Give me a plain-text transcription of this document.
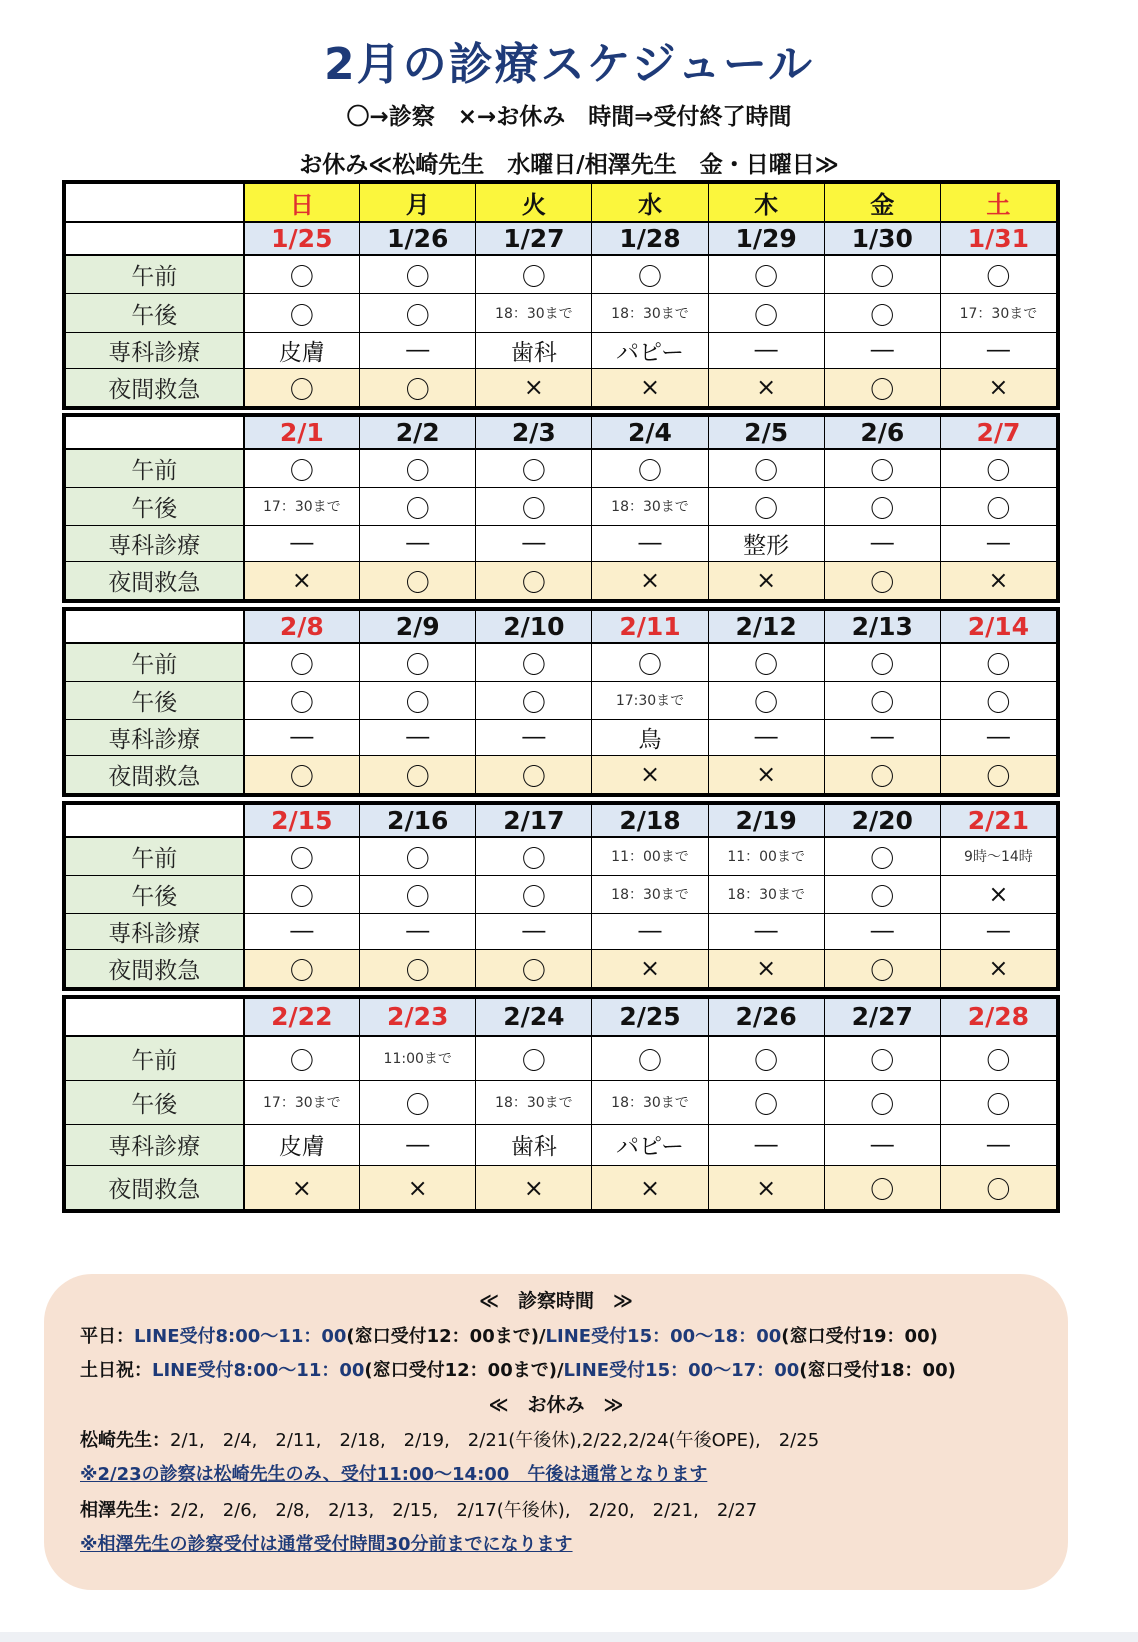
2月の診療スケジュール
〇→診察　×→お休み　時間⇒受付終了時間
お休み≪松崎先生　水曜日/相澤先生　金・日曜日≫
	日	月	火	水	木	金	土
	1/25	1/26	1/27	1/28	1/29	1/30	1/31
午前	〇	〇	〇	〇	〇	〇	〇
午後	〇	〇	18：30まで	18：30まで	〇	〇	17：30まで
専科診療	皮膚	―	歯科	パピー	―	―	―
夜間救急	〇	〇	×	×	×	〇	×
	2/1	2/2	2/3	2/4	2/5	2/6	2/7
午前	〇	〇	〇	〇	〇	〇	〇
午後	17：30まで	〇	〇	18：30まで	〇	〇	〇
専科診療	―	―	―	―	整形	―	―
夜間救急	×	〇	〇	×	×	〇	×
	2/8	2/9	2/10	2/11	2/12	2/13	2/14
午前	〇	〇	〇	〇	〇	〇	〇
午後	〇	〇	〇	17:30まで	〇	〇	〇
専科診療	―	―	―	鳥	―	―	―
夜間救急	〇	〇	〇	×	×	〇	〇
	2/15	2/16	2/17	2/18	2/19	2/20	2/21
午前	〇	〇	〇	11：00まで	11：00まで	〇	9時～14時
午後	〇	〇	〇	18：30まで	18：30まで	〇	×
専科診療	―	―	―	―	―	―	―
夜間救急	〇	〇	〇	×	×	〇	×
	2/22	2/23	2/24	2/25	2/26	2/27	2/28
午前	〇	11:00まで	〇	〇	〇	〇	〇
午後	17：30まで	〇	18：30まで	18：30まで	〇	〇	〇
専科診療	皮膚	―	歯科	パピー	―	―	―
夜間救急	×	×	×	×	×	〇	〇
≪　診察時間　≫
平日：LINE受付8:00～11：00(窓口受付12：00まで)/LINE受付15：00～18：00(窓口受付19：00)
土日祝：LINE受付8:00～11：00(窓口受付12：00まで)/LINE受付15：00～17：00(窓口受付18：00)
≪　お休み　≫
松崎先生：2/1,　2/4,　2/11,　2/18,　2/19,　2/21(午後休),2/22,2/24(午後OPE),　2/25
※2/23の診察は松崎先生のみ、受付11:00～14:00　午後は通常となります
相澤先生：2/2,　2/6,　2/8,　2/13,　2/15,　2/17(午後休),　2/20,　2/21,　2/27
※相澤先生の診察受付は通常受付時間30分前までになります
